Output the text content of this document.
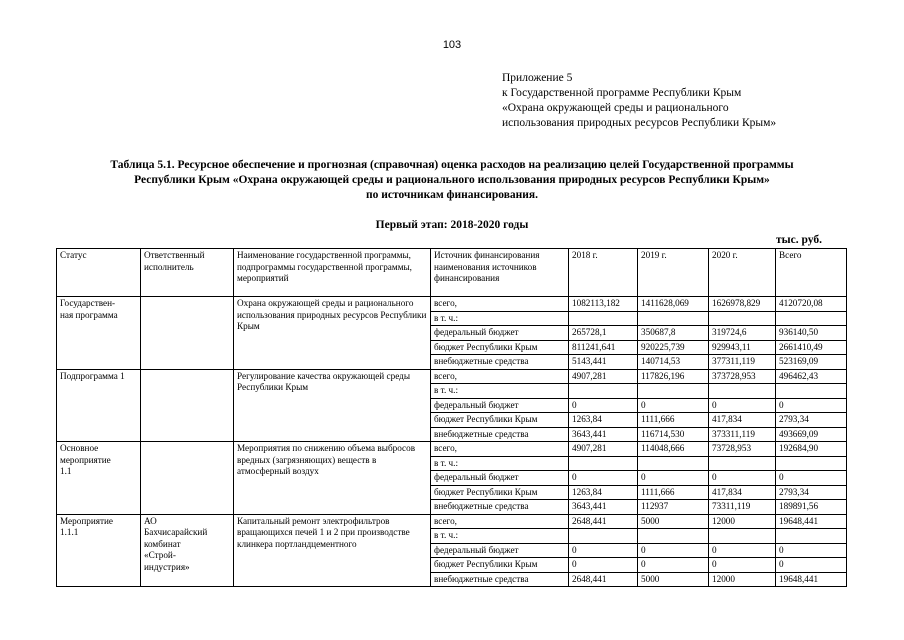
103
Приложение 5
к Государственной программе Республики Крым
«Охрана окружающей среды и рационального
использования природных ресурсов Республики Крым»
Таблица 5.1. Ресурсное обеспечение и прогнозная (справочная) оценка расходов на реализацию целей Государственной программы
Республики Крым «Охрана окружающей среды и рационального использования природных ресурсов Республики Крым»
по источникам финансирования.
Первый этап: 2018-2020 годы
тыс. руб.
Статус	Ответственный исполнитель	Наименование государственной программы, подпрограммы государственной программы, мероприятий	Источник финансирования наименования источников финансирования	2018 г.	2019 г.	2020 г.	Всего
Государствен-
ная программа		Охрана окружающей среды и рационального использования природных ресурсов Республики Крым	всего,	1082113,182	1411628,069	1626978,829	4120720,08
			в т. ч.:				
			федеральный бюджет	265728,1	350687,8	319724,6	936140,50
			бюджет Республики Крым	811241,641	920225,739	929943,11	2661410,49
			внебюджетные средства	5143,441	140714,53	377311,119	523169,09
Подпрограмма 1		Регулирование качества окружающей среды Республики Крым	всего,	4907,281	117826,196	373728,953	496462,43
			в т. ч.:				
			федеральный бюджет	0	0	0	0
			бюджет Республики Крым	1263,84	1111,666	417,834	2793,34
			внебюджетные средства	3643,441	116714,530	373311,119	493669,09
Основное
мероприятие
1.1		Мероприятия по снижению объема выбросов вредных (загрязняющих) веществ в атмосферный воздух	всего,	4907,281	114048,666	73728,953	192684,90
			в т. ч.:				
			федеральный бюджет	0	0	0	0
			бюджет Республики Крым	1263,84	1111,666	417,834	2793,34
			внебюджетные средства	3643,441	112937	73311,119	189891,56
Мероприятие
1.1.1	АО
Бахчисарайский
комбинат
«Строй-
индустрия»	Капитальный ремонт электрофильтров вращающихся печей 1 и 2 при производстве клинкера портландцементного	всего,	2648,441	5000	12000	19648,441
			в т. ч.:				
			федеральный бюджет	0	0	0	0
			бюджет Республики Крым	0	0	0	0
			внебюджетные средства	2648,441	5000	12000	19648,441
